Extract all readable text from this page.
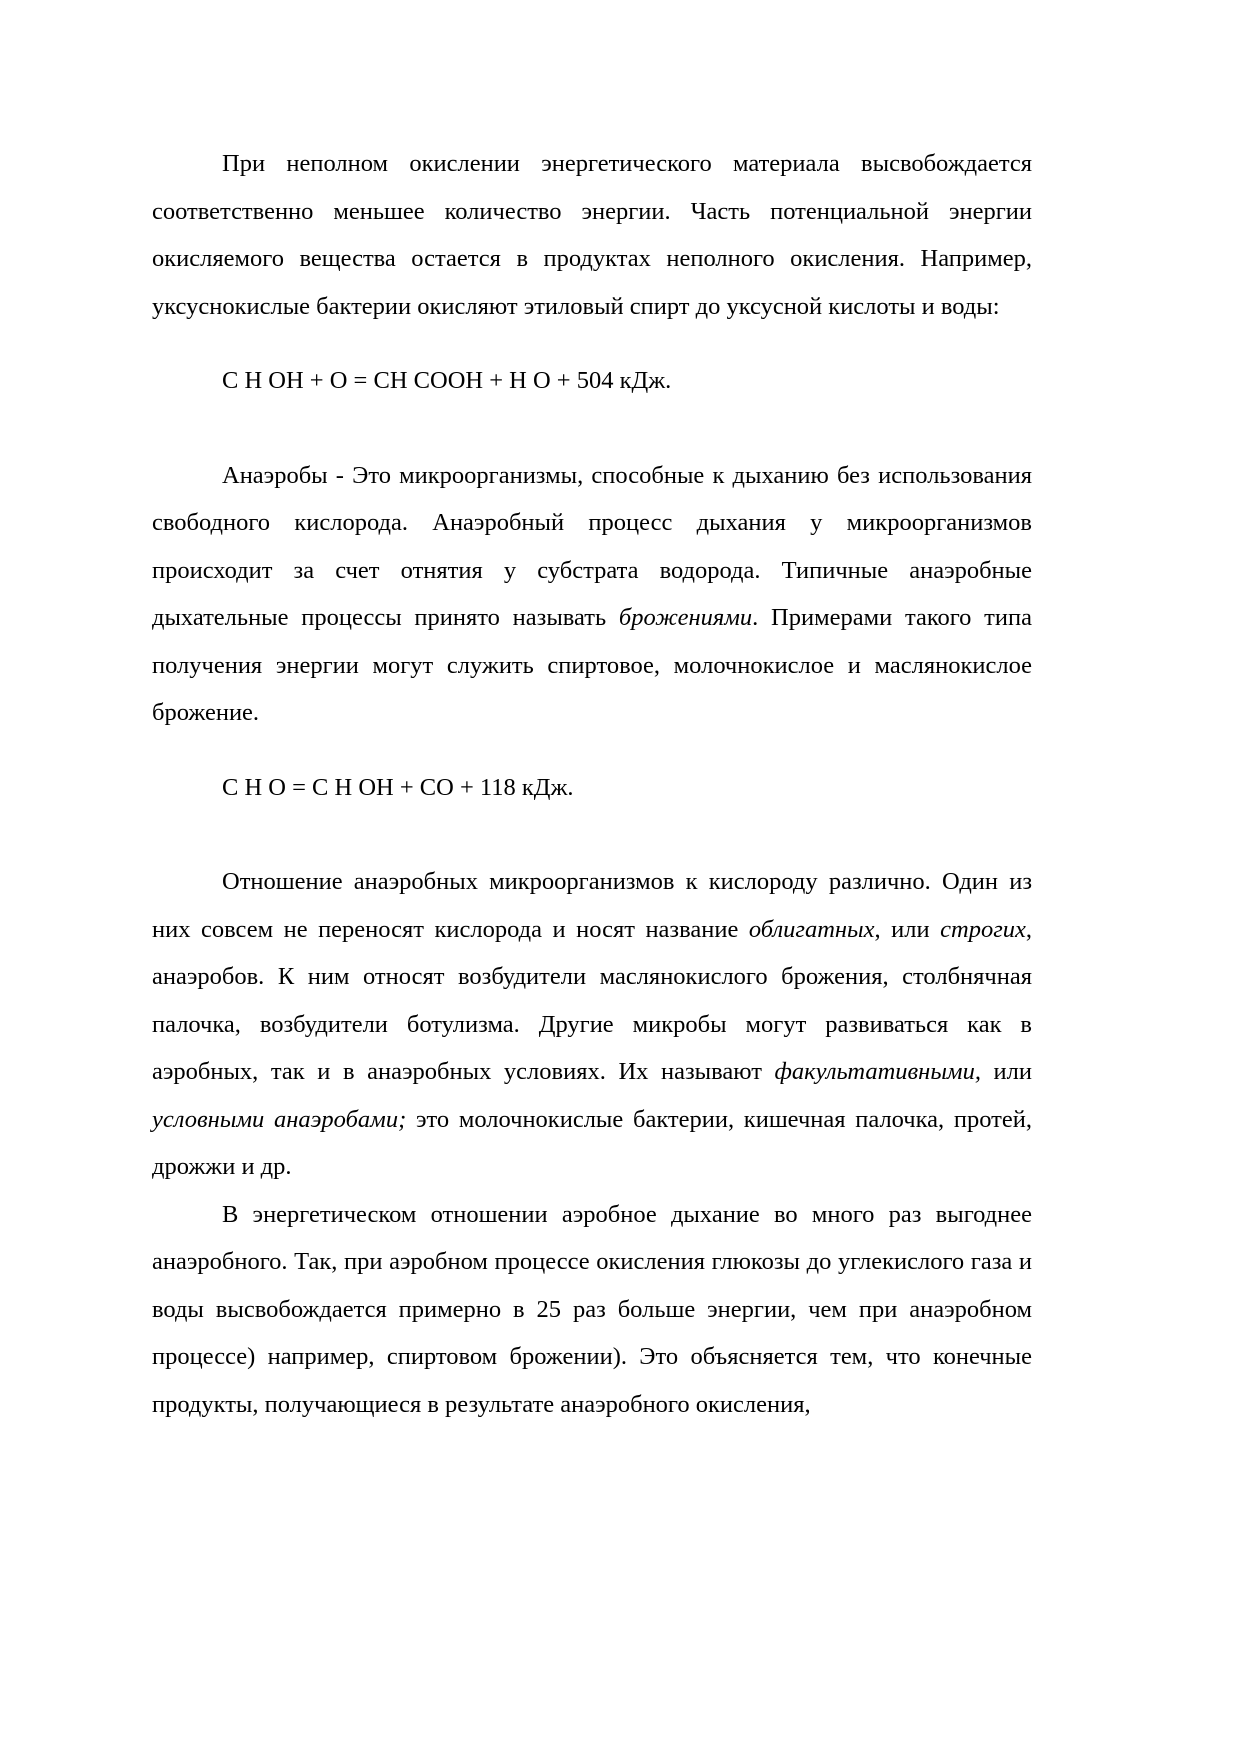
При неполном окислении энергетического материала высвобождается соответственно меньшее количество энергии. Часть потенциальной энергии окисляемого вещества остается в продуктах неполного окисления. Например, уксуснокислые бактерии окисляют этиловый спирт до уксусной кислоты и воды:

С Н ОН + О = СН СООН + Н О + 504 кДж.

Анаэробы - Это микроорганизмы, способные к дыханию без использования свободного кислорода. Анаэробный процесс дыхания у микроорганизмов происходит за счет отнятия у субстрата водорода. Типичные анаэробные дыхательные процессы принято называть брожениями. Примерами такого типа получения энергии могут служить спиртовое, молочнокислое и маслянокислое брожение.

С Н О = С Н ОН + СО + 118 кДж.

Отношение анаэробных микроорганизмов к кислороду различно. Один из них совсем не переносят кислорода и носят название облигатных, или строгих, анаэробов. К ним относят возбудители маслянокислого брожения, столбнячная палочка, возбудители ботулизма. Другие микробы могут развиваться как в аэробных, так и в анаэробных условиях. Их называют факультативными, или условными анаэробами; это молочнокислые бактерии, кишечная палочка, протей, дрожжи и др.

В энергетическом отношении аэробное дыхание во много раз выгоднее анаэробного. Так, при аэробном процессе окисления глюкозы до углекислого газа и воды высвобождается примерно в 25 раз больше энергии, чем при анаэробном процессе) например, спиртовом брожении). Это объясняется тем, что конечные продукты, получающиеся в результате анаэробного окисления,
